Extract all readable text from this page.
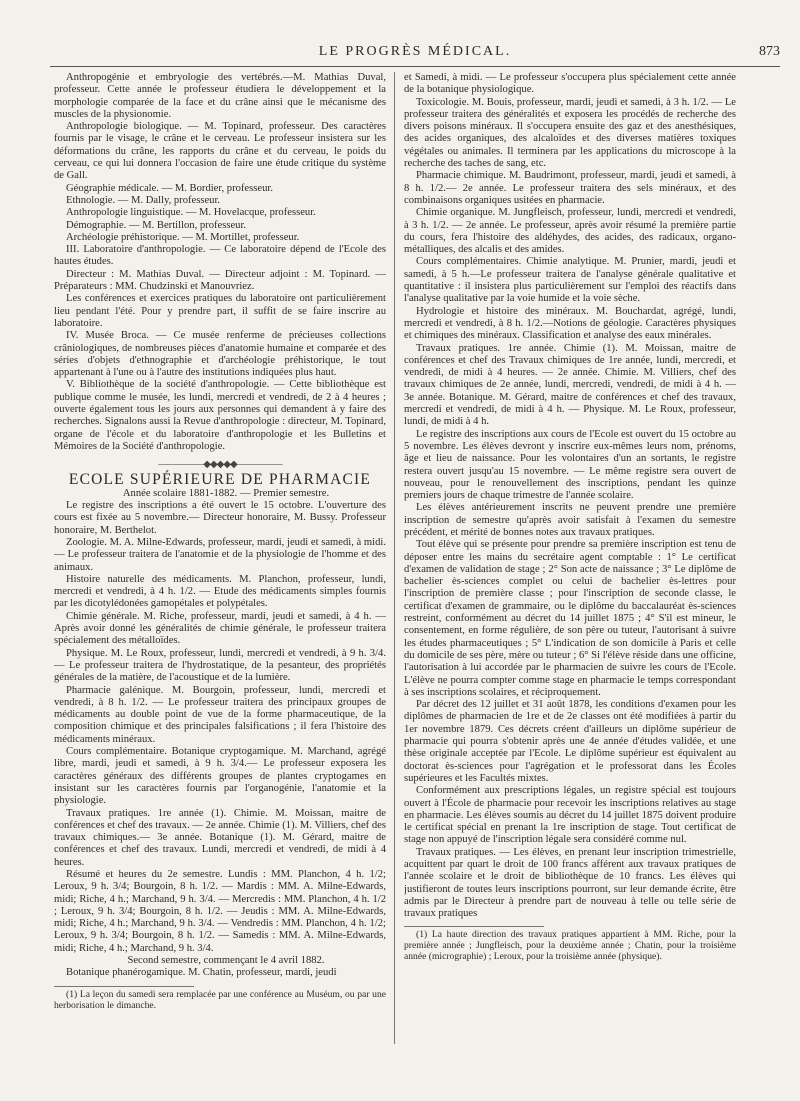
LE PROGRÈS MÉDICAL.	873

Anthropogénie et embryologie des vertébrés.—M. Mathias Duval, professeur. Cette année le professeur étudiera le développement et la morphologie comparée de la face et du crâne ainsi que le mécanisme des muscles de la physionomie.

Anthropologie biologique. — M. Topinard, professeur. Des caractères fournis par le visage, le crâne et le cerveau. Le professeur insistera sur les déformations du crâne, les rapports du crâne et du cerveau, le poids du cerveau, ce qui lui donnera l'occasion de faire une étude critique du système de Gall.

Géographie médicale. — M. Bordier, professeur.

Ethnologie. — M. Dally, professeur.

Anthropologie linguistique. — M. Hovelacque, professeur.

Démographie. — M. Bertillon, professeur.

Archéologie préhistorique. — M. Mortillet, professeur.

III. Laboratoire d'anthropologie. — Ce laboratoire dépend de l'Ecole des hautes études.

Directeur : M. Mathias Duval. — Directeur adjoint : M. Topinard. — Préparateurs : MM. Chudzinski et Manouvriez.

Les conférences et exercices pratiques du laboratoire ont particulièrement lieu pendant l'été. Pour y prendre part, il suffit de se faire inscrire au laboratoire.

IV. Musée Broca. — Ce musée renferme de précieuses collections crâniologiques, de nombreuses pièces d'anatomie humaine et comparée et des séries d'objets d'ethnographie et d'archéologie préhistorique, le tout appartenant à l'une ou à l'autre des institutions indiquées plus haut.

V. Bibliothèque de la société d'anthropologie. — Cette bibliothèque est publique comme le musée, les lundi, mercredi et vendredi, de 2 à 4 heures ; ouverte également tous les jours aux personnes qui demandent à y faire des recherches. Signalons aussi la Revue d'anthropologie : directeur, M. Topinard, organe de l'école et du laboratoire d'anthropologie et les Bulletins et Mémoires de la Société d'anthropologie.

—————◆◆◆◆◆—————
ECOLE SUPÉRIEURE DE PHARMACIE

Année scolaire 1881-1882. — Premier semestre.

Le registre des inscriptions a été ouvert le 15 octobre. L'ouverture des cours est fixée au 5 novembre.— Directeur honoraire, M. Bussy. Professeur honoraire, M. Berthelot.

Zoologie. M. A. Milne-Edwards, professeur, mardi, jeudi et samedi, à midi. — Le professeur traitera de l'anatomie et de la physiologie de l'homme et des animaux.

Histoire naturelle des médicaments. M. Planchon, professeur, lundi, mercredi et vendredi, à 4 h. 1/2. — Etude des médicaments simples fournis par les dicotylédonées gamopétales et polypétales.

Chimie générale. M. Riche, professeur, mardi, jeudi et samedi, à 4 h. — Après avoir donné les généralités de chimie générale, le professeur traitera spécialement des métalloïdes.

Physique. M. Le Roux, professeur, lundi, mercredi et vendredi, à 9 h. 3/4.— Le professeur traitera de l'hydrostatique, de la pesanteur, des propriétés générales de la matière, de l'acoustique et de la lumière.

Pharmacie galénique. M. Bourgoin, professeur, lundi, mercredi et vendredi, à 8 h. 1/2. — Le professeur traitera des principaux groupes de médicaments au double point de vue de la forme pharmaceutique, de la composition chimique et des principales falsifications ; il fera l'histoire des médicaments minéraux.

Cours complémentaire. Botanique cryptogamique. M. Marchand, agrégé libre, mardi, jeudi et samedi, à 9 h. 3/4.— Le professeur exposera les caractères généraux des différents groupes de plantes cryptogames en insistant sur les caractères fournis par l'organogénie, l'anatomie et la physiologie.

Travaux pratiques. 1re année (1). Chimie. M. Moissan, maitre de conférences et chef des travaux. — 2e année. Chimie (1). M. Villiers, chef des travaux chimiques.— 3e année. Botanique (1). M. Gérard, maitre de conférences et chef des travaux. Lundi, mercredi et vendredi, de midi à 4 heures.

Résumé et heures du 2e semestre. Lundis : MM. Planchon, 4 h. 1/2; Leroux, 9 h. 3/4; Bourgoin, 8 h. 1/2. — Mardis : MM. A. Milne-Edwards, midi; Riche, 4 h.; Marchand, 9 h. 3/4. — Mercredis : MM. Planchon, 4 h. 1/2 ; Leroux, 9 h. 3/4; Bourgoin, 8 h. 1/2. — Jeudis : MM. A. Milne-Edwards, midi; Riche, 4 h.; Marchand, 9 h. 3/4. — Vendredis : MM. Planchon, 4 h. 1/2; Leroux, 9 h. 3/4; Bourgoin, 8 h. 1/2. — Samedis : MM. A. Milne-Edwards, midi; Riche, 4 h.; Marchand, 9 h. 3/4.

Second semestre, commençant le 4 avril 1882.

Botanique phanérogamique. M. Chatin, professeur, mardi, jeudi

(1) La leçon du samedi sera remplacée par une conférence au Muséum, ou par une herborisation le dimanche.

et Samedi, à midi. — Le professeur s'occupera plus spécialement cette année de la botanique physiologique.

Toxicologie. M. Bouis, professeur, mardi, jeudi et samedi, à 3 h. 1/2. — Le professeur traitera des généralités et exposera les procédés de recherche des divers poisons minéraux. Il s'occupera ensuite des gaz et des anesthésiques, des acides organiques, des alcaloïdes et des diverses matières toxiques végétales ou animales. Il terminera par les applications du microscope à la recherche des taches de sang, etc.

Pharmacie chimique. M. Baudrimont, professeur, mardi, jeudi et samedi, à 8 h. 1/2.— 2e année. Le professeur traitera des sels minéraux, et des combinaisons organiques usitées en pharmacie.

Chimie organique. M. Jungfleisch, professeur, lundi, mercredi et vendredi, à 3 h. 1/2. — 2e année. Le professeur, après avoir résumé la première partie du cours, fera l'histoire des aldéhydes, des acides, des radicaux, organo-métalliques, des alcalis et des amides.

Cours complémentaires. Chimie analytique. M. Prunier, mardi, jeudi et samedi, à 5 h.—Le professeur traitera de l'analyse générale qualitative et quantitative : il insistera plus particulièrement sur l'emploi des réactifs dans l'analyse qualitative par la voie humide et la voie sèche.

Hydrologie et histoire des minéraux. M. Bouchardat, agrégé, lundi, mercredi et vendredi, à 8 h. 1/2.—Notions de géologie. Caractères physiques et chimiques des minéraux. Classification et analyse des eaux minérales.

Travaux pratiques. 1re année. Chimie (1). M. Moissan, maitre de conférences et chef des Travaux chimiques de 1re année, lundi, mercredi, et vendredi, de midi à 4 heures. — 2e année. Chimie. M. Villiers, chef des travaux chimiques de 2e année, lundi, mercredi, vendredi, de midi à 4 h. — 3e année. Botanique. M. Gérard, maitre de conférences et chef des travaux, mercredi et vendredi, de midi à 4 h. — Physique. M. Le Roux, professeur, lundi, de midi à 4 h.

Le registre des inscriptions aux cours de l'Ecole est ouvert du 15 octobre au 5 novembre. Les élèves devront y inscrire eux-mêmes leurs nom, prénoms, âge et lieu de naissance. Pour les volontaires d'un an sortants, le registre restera ouvert jusqu'au 15 novembre. — Le même registre sera ouvert de nouveau, pour le renouvellement des inscriptions, pendant les quinze premiers jours de chaque trimestre de l'année scolaire.

Les élèves antérieurement inscrits ne peuvent prendre une première inscription de semestre qu'après avoir satisfait à l'examen du semestre précédent, et mérité de bonnes notes aux travaux pratiques.

Tout élève qui se présente pour prendre sa première inscription est tenu de déposer entre les mains du secrétaire agent comptable : 1° Le certificat d'examen de validation de stage ; 2° Son acte de naissance ; 3° Le diplôme de bachelier ès-sciences complet ou celui de bachelier ès-lettres pour l'inscription de première classe ; pour l'inscription de seconde classe, le certificat d'examen de grammaire, ou le diplôme du baccalauréat ès-sciences restreint, conformément au décret du 14 juillet 1875 ; 4° S'il est mineur, le consentement, en forme régulière, de son père ou tuteur, l'autorisant à suivre les études pharmaceutiques ; 5° L'indication de son domicile à Paris et celle du domicile de ses père, mère ou tuteur ; 6° Si l'élève réside dans une officine, l'autorisation à lui accordée par le pharmacien de suivre les cours de l'Ecole. L'élève ne pourra compter comme stage en pharmacie le temps correspondant à ses inscriptions scolaires, et réciproquement.

Par décret des 12 juillet et 31 août 1878, les conditions d'examen pour les diplômes de pharmacien de 1re et de 2e classes ont été modifiées à partir du 1er novembre 1879. Ces décrets créent d'ailleurs un diplôme supérieur de pharmacie qui pourra s'obtenir après une 4e année d'études validée, et une thèse originale acceptée par l'Ecole. Le diplôme supérieur est équivalent au doctorat ès-sciences pour l'agrégation et le professorat dans les Écoles supérieures et les Facultés mixtes.

Conformément aux prescriptions légales, un registre spécial est toujours ouvert à l'École de pharmacie pour recevoir les inscriptions relatives au stage en pharmacie. Les élèves soumis au décret du 14 juillet 1875 doivent produire le certificat spécial en prenant la 1re inscription de stage. Tout certificat de stage non appuyé de l'inscription légale sera considéré comme nul.

Travaux pratiques. — Les élèves, en prenant leur inscription trimestrielle, acquittent par quart le droit de 100 francs afférent aux travaux pratiques de l'année scolaire et le droit de bibliothèque de 10 francs. Les élèves qui justifieront de toutes leurs inscriptions pourront, sur leur demande écrite, être admis par le Directeur à prendre part de nouveau à telle ou telle série de travaux pratiques

(1) La haute direction des travaux pratiques appartient à MM. Riche, pour la première année ; Jungfleisch, pour la deuxième année ; Chatin, pour la troisième année (micrographie) ; Leroux, pour la troisième année (physique).
